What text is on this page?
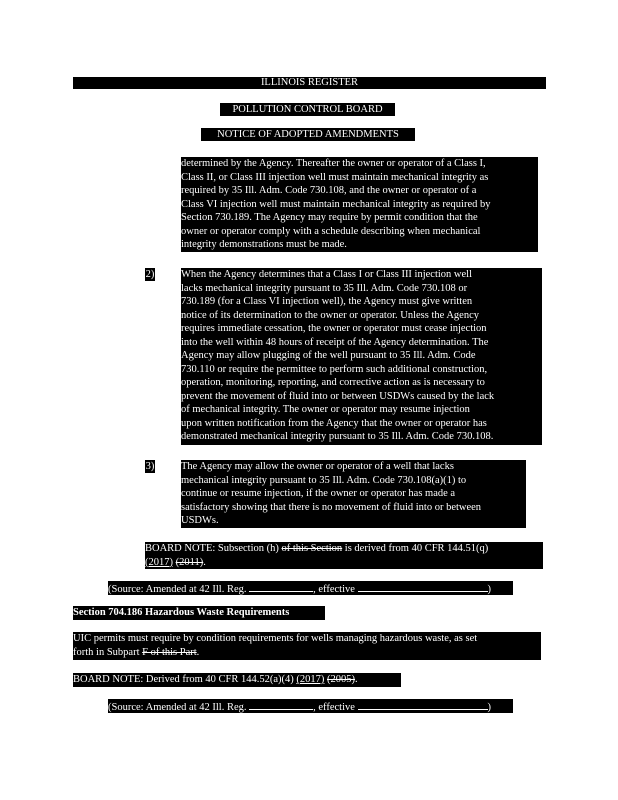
ILLINOIS REGISTER
POLLUTION CONTROL BOARD
NOTICE OF ADOPTED AMENDMENTS
determined by the Agency. Thereafter the owner or operator of a Class I,
Class II, or Class III injection well must maintain mechanical integrity as
required by 35 Ill. Adm. Code 730.108, and the owner or operator of a
Class VI injection well must maintain mechanical integrity as required by
Section 730.189. The Agency may require by permit condition that the
owner or operator comply with a schedule describing when mechanical
integrity demonstrations must be made.
2)	When the Agency determines that a Class I or Class III injection well
lacks mechanical integrity pursuant to 35 Ill. Adm. Code 730.108 or
730.189 (for a Class VI injection well), the Agency must give written
notice of its determination to the owner or operator. Unless the Agency
requires immediate cessation, the owner or operator must cease injection
into the well within 48 hours of receipt of the Agency determination. The
Agency may allow plugging of the well pursuant to 35 Ill. Adm. Code
730.110 or require the permittee to perform such additional construction,
operation, monitoring, reporting, and corrective action as is necessary to
prevent the movement of fluid into or between USDWs caused by the lack
of mechanical integrity. The owner or operator may resume injection
upon written notification from the Agency that the owner or operator has
demonstrated mechanical integrity pursuant to 35 Ill. Adm. Code 730.108.
3)	The Agency may allow the owner or operator of a well that lacks
mechanical integrity pursuant to 35 Ill. Adm. Code 730.108(a)(1) to
continue or resume injection, if the owner or operator has made a
satisfactory showing that there is no movement of fluid into or between
USDWs.
BOARD NOTE: Subsection (h) of this Section is derived from 40 CFR 144.51(q)
(2017) (2011).
(Source: Amended at 42 Ill. Reg.	, effective	)
Section 704.186 Hazardous Waste Requirements
UIC permits must require by condition requirements for wells managing hazardous waste, as set
forth in Subpart F of this Part.
BOARD NOTE: Derived from 40 CFR 144.52(a)(4) (2017) (2005).
(Source: Amended at 42 Ill. Reg.	, effective	)
